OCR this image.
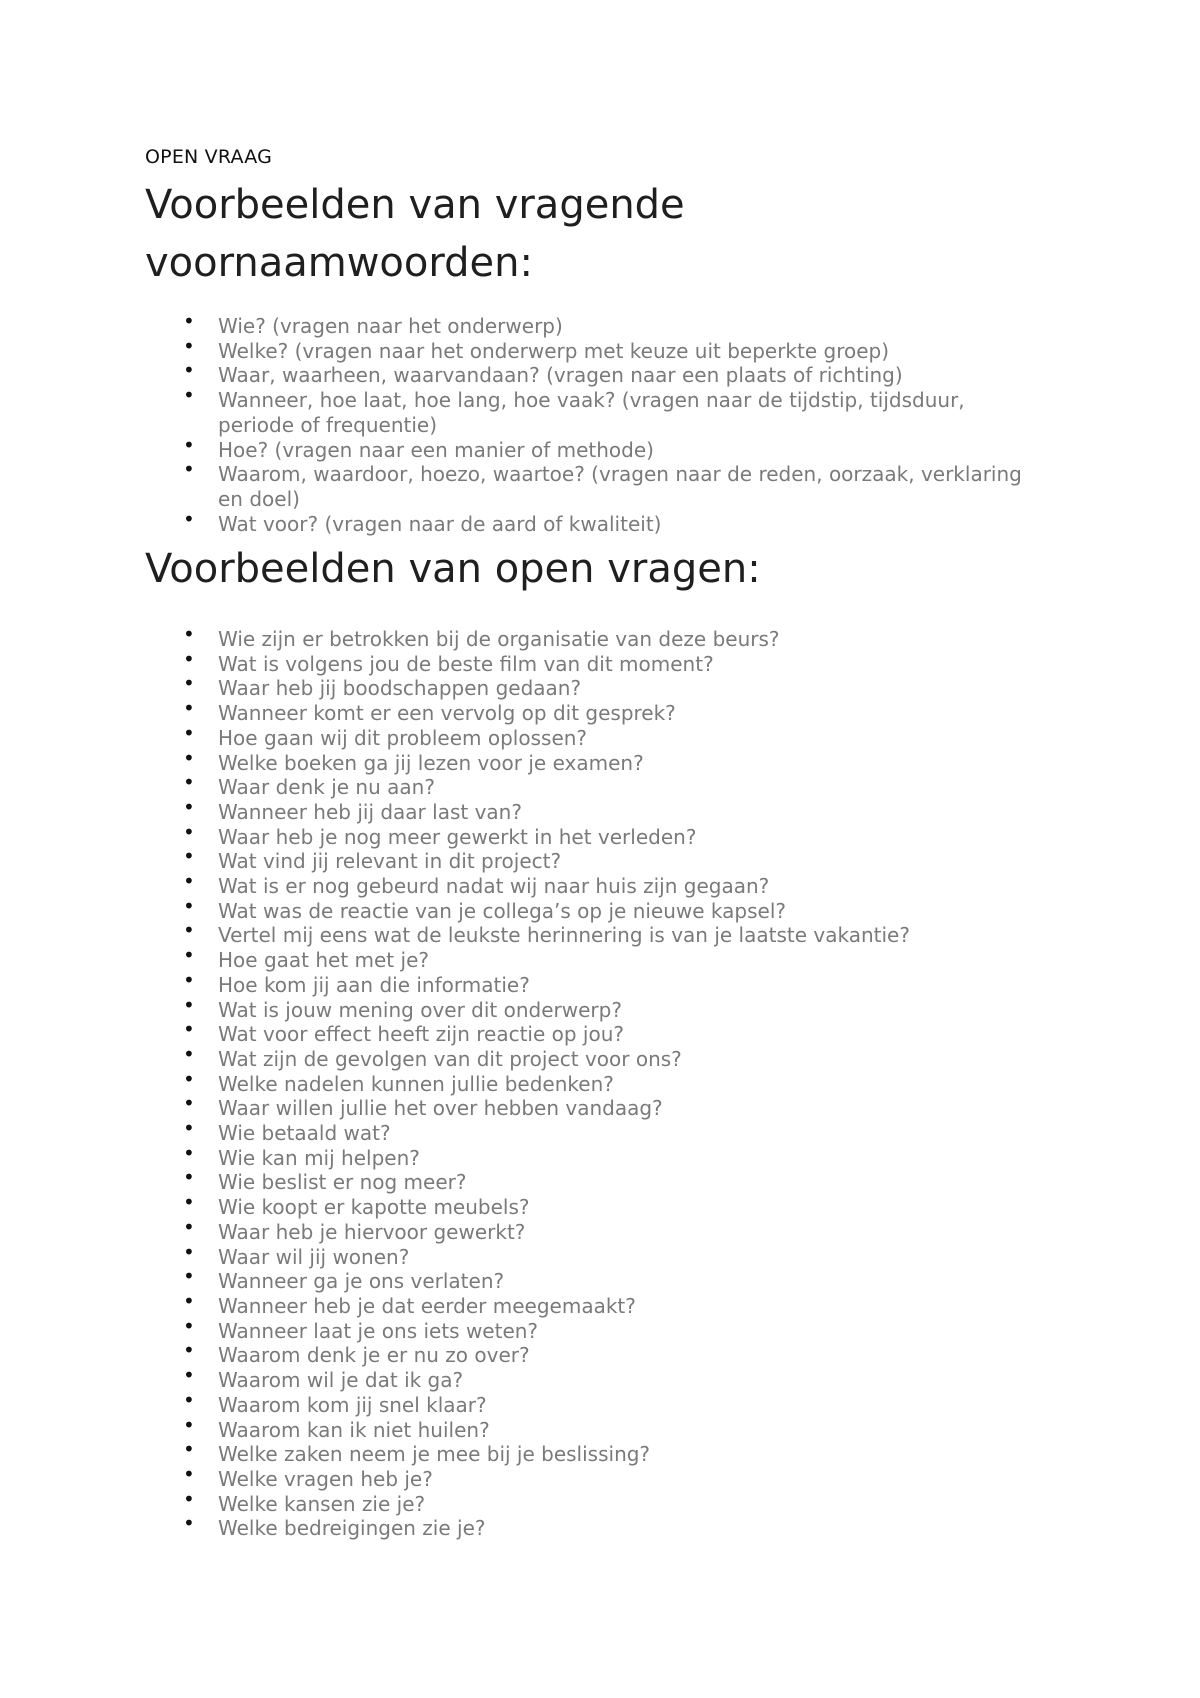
OPEN VRAAG
Voorbeelden van vragende voornaamwoorden:
• Wie? (vragen naar het onderwerp)
• Welke? (vragen naar het onderwerp met keuze uit beperkte groep)
• Waar, waarheen, waarvandaan? (vragen naar een plaats of richting)
• Wanneer, hoe laat, hoe lang, hoe vaak? (vragen naar de tijdstip, tijdsduur, periode of frequentie)
• Hoe? (vragen naar een manier of methode)
• Waarom, waardoor, hoezo, waartoe? (vragen naar de reden, oorzaak, verklaring en doel)
• Wat voor? (vragen naar de aard of kwaliteit)
Voorbeelden van open vragen:
• Wie zijn er betrokken bij de organisatie van deze beurs?
• Wat is volgens jou de beste film van dit moment?
• Waar heb jij boodschappen gedaan?
• Wanneer komt er een vervolg op dit gesprek?
• Hoe gaan wij dit probleem oplossen?
• Welke boeken ga jij lezen voor je examen?
• Waar denk je nu aan?
• Wanneer heb jij daar last van?
• Waar heb je nog meer gewerkt in het verleden?
• Wat vind jij relevant in dit project?
• Wat is er nog gebeurd nadat wij naar huis zijn gegaan?
• Wat was de reactie van je collega’s op je nieuwe kapsel?
• Vertel mij eens wat de leukste herinnering is van je laatste vakantie?
• Hoe gaat het met je?
• Hoe kom jij aan die informatie?
• Wat is jouw mening over dit onderwerp?
• Wat voor effect heeft zijn reactie op jou?
• Wat zijn de gevolgen van dit project voor ons?
• Welke nadelen kunnen jullie bedenken?
• Waar willen jullie het over hebben vandaag?
• Wie betaald wat?
• Wie kan mij helpen?
• Wie beslist er nog meer?
• Wie koopt er kapotte meubels?
• Waar heb je hiervoor gewerkt?
• Waar wil jij wonen?
• Wanneer ga je ons verlaten?
• Wanneer heb je dat eerder meegemaakt?
• Wanneer laat je ons iets weten?
• Waarom denk je er nu zo over?
• Waarom wil je dat ik ga?
• Waarom kom jij snel klaar?
• Waarom kan ik niet huilen?
• Welke zaken neem je mee bij je beslissing?
• Welke vragen heb je?
• Welke kansen zie je?
• Welke bedreigingen zie je?
